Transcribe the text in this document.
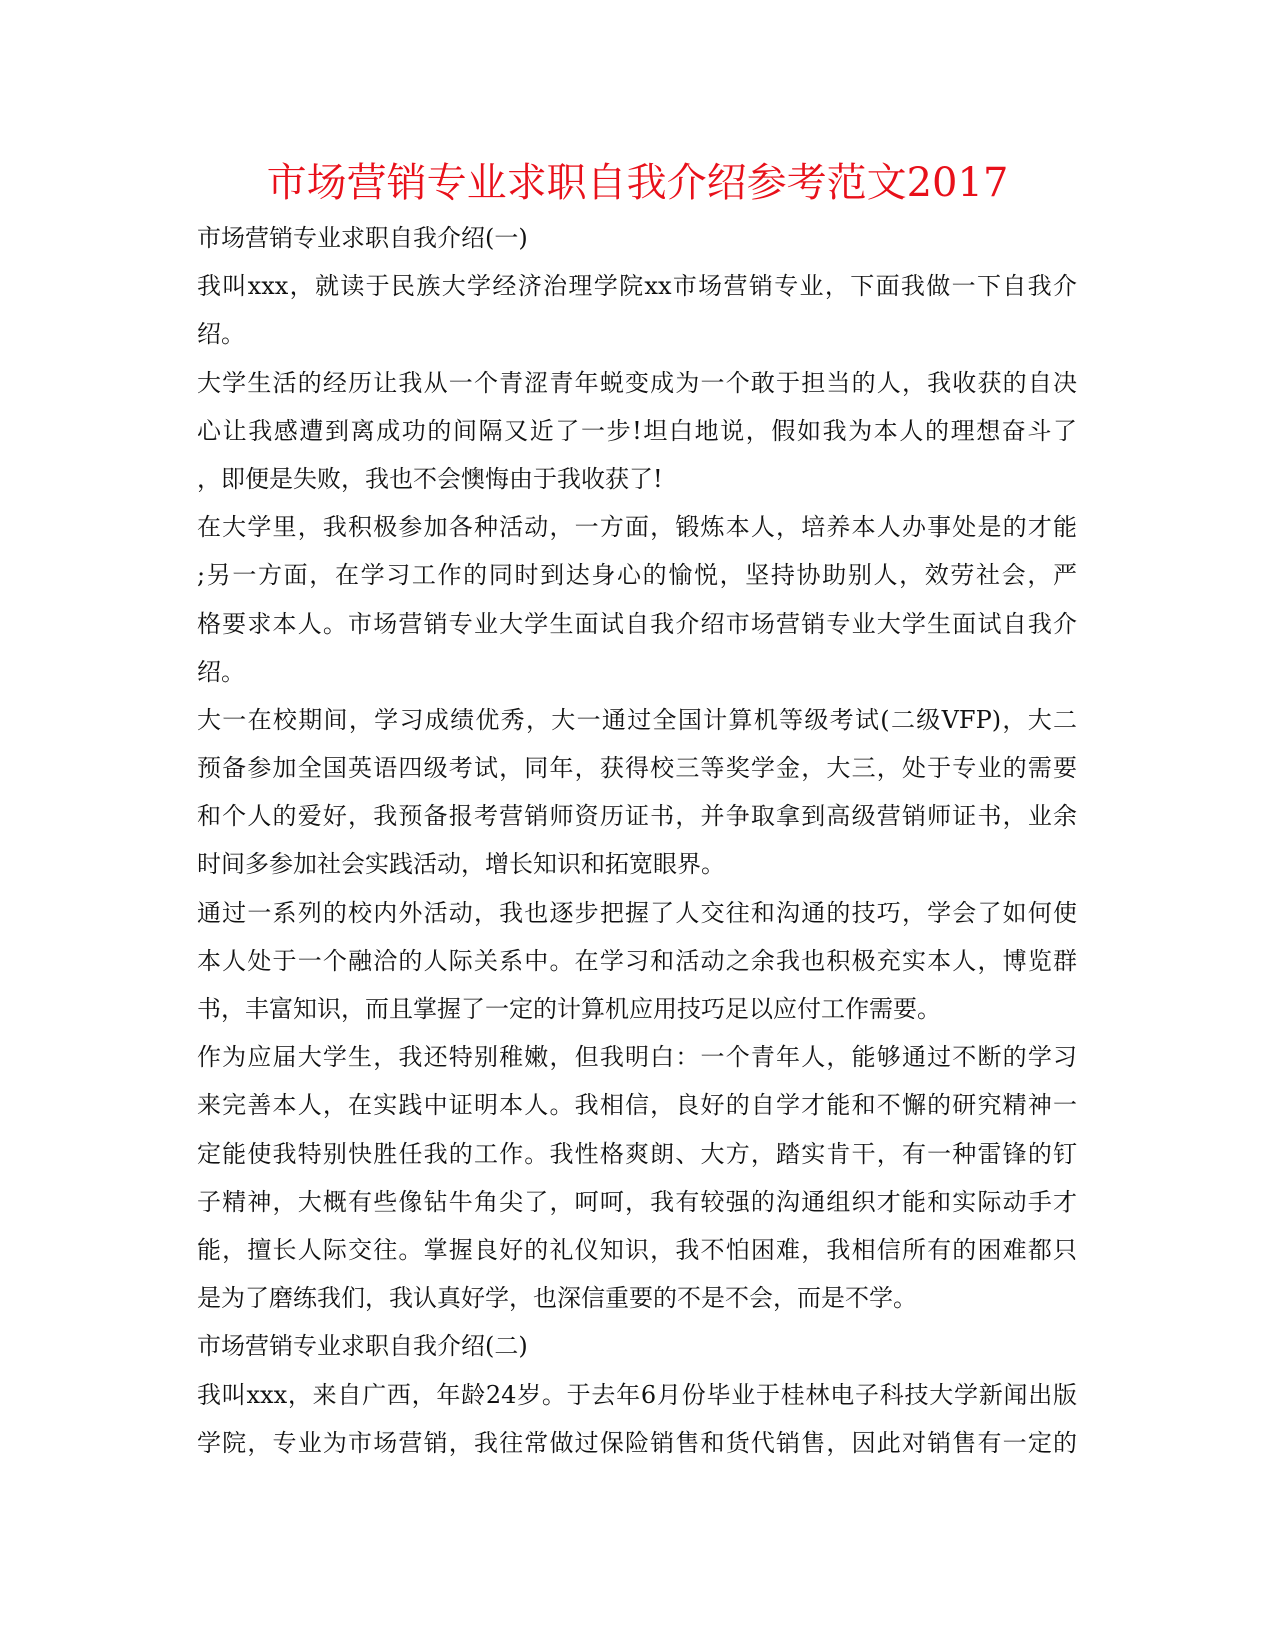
市场营销专业求职自我介绍参考范文2017

市场营销专业求职自我介绍(一)

我叫xxx，就读于民族大学经济治理学院xx市场营销专业，下面我做一下自我介
绍。

大学生活的经历让我从一个青涩青年蜕变成为一个敢于担当的人，我收获的自决
心让我感遭到离成功的间隔又近了一步!坦白地说，假如我为本人的理想奋斗了
，即便是失败，我也不会懊悔由于我收获了!

在大学里，我积极参加各种活动，一方面，锻炼本人，培养本人办事处是的才能
;另一方面，在学习工作的同时到达身心的愉悦，坚持协助别人，效劳社会，严
格要求本人。市场营销专业大学生面试自我介绍市场营销专业大学生面试自我介
绍。

大一在校期间，学习成绩优秀，大一通过全国计算机等级考试(二级VFP)，大二
预备参加全国英语四级考试，同年，获得校三等奖学金，大三，处于专业的需要
和个人的爱好，我预备报考营销师资历证书，并争取拿到高级营销师证书，业余
时间多参加社会实践活动，增长知识和拓宽眼界。

通过一系列的校内外活动，我也逐步把握了人交往和沟通的技巧，学会了如何使
本人处于一个融洽的人际关系中。在学习和活动之余我也积极充实本人，博览群
书，丰富知识，而且掌握了一定的计算机应用技巧足以应付工作需要。

作为应届大学生，我还特别稚嫩，但我明白：一个青年人，能够通过不断的学习
来完善本人，在实践中证明本人。我相信，良好的自学才能和不懈的研究精神一
定能使我特别快胜任我的工作。我性格爽朗、大方，踏实肯干，有一种雷锋的钉
子精神，大概有些像钻牛角尖了，呵呵，我有较强的沟通组织才能和实际动手才
能，擅长人际交往。掌握良好的礼仪知识，我不怕困难，我相信所有的困难都只
是为了磨练我们，我认真好学，也深信重要的不是不会，而是不学。

市场营销专业求职自我介绍(二)

我叫xxx，来自广西，年龄24岁。于去年6月份毕业于桂林电子科技大学新闻出版
学院，专业为市场营销，我往常做过保险销售和货代销售，因此对销售有一定的
